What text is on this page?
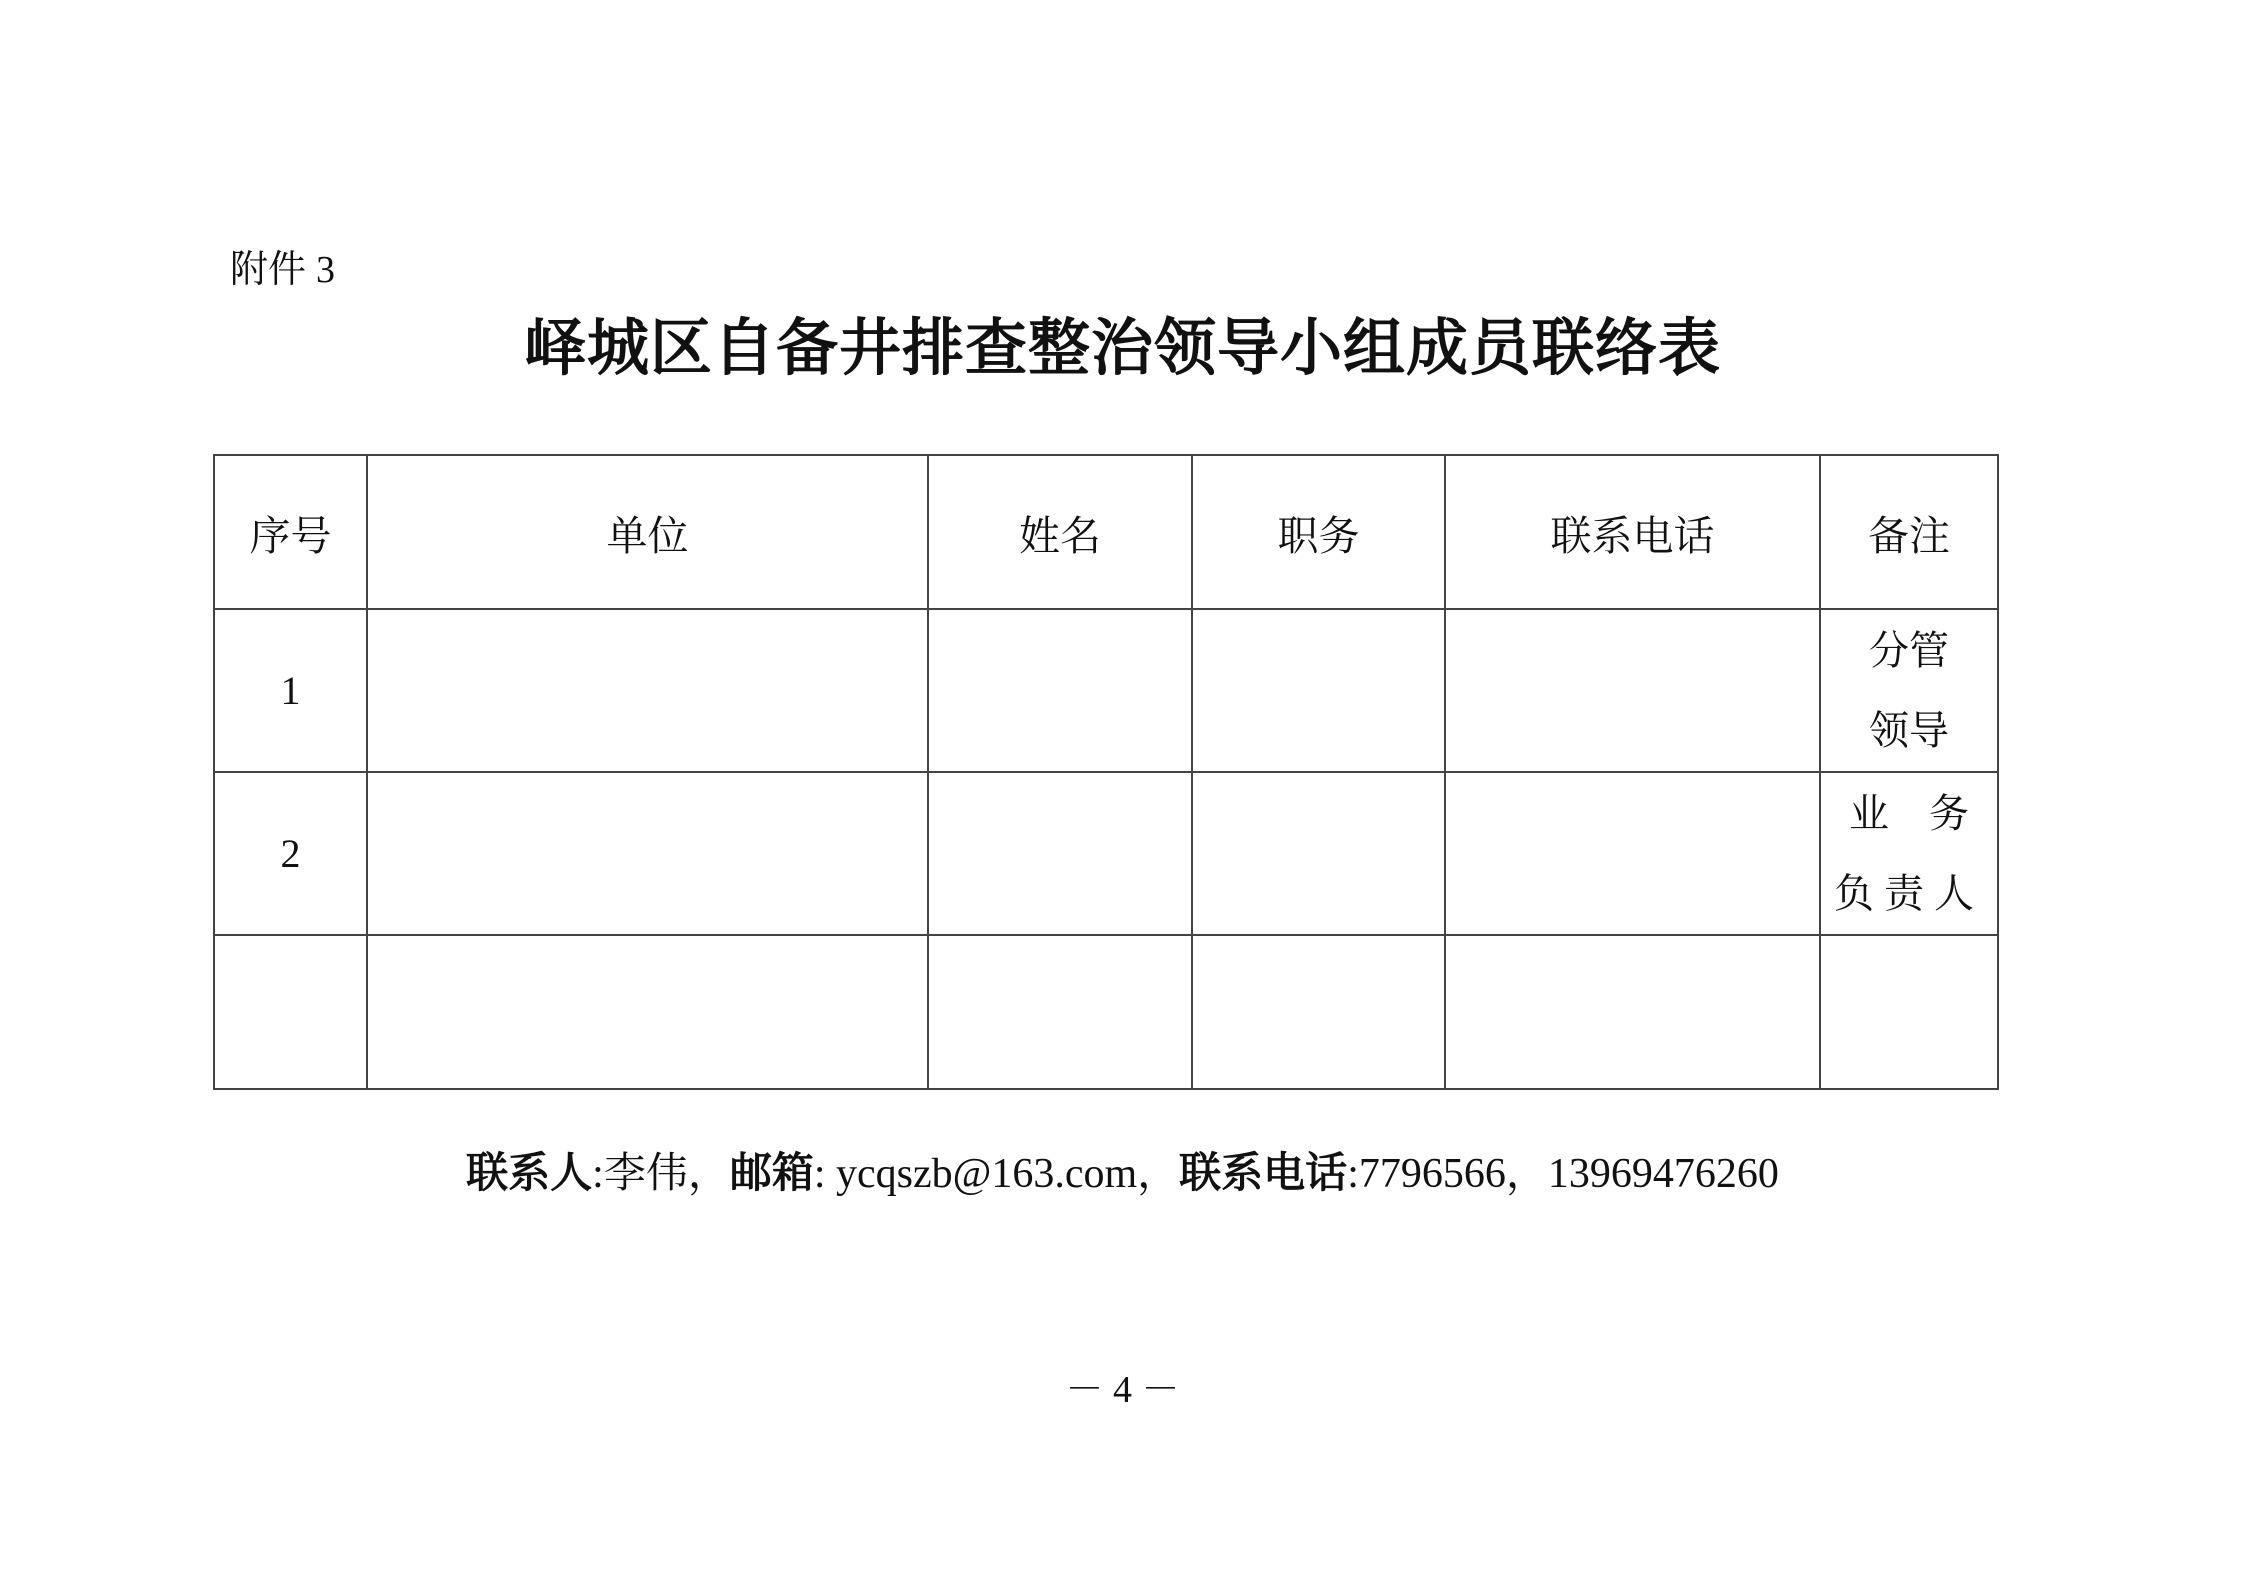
附件 3
峄城区自备井排查整治领导小组成员联络表
序号	单位	姓名	职务	联系电话	备注
1					分管
领导
2					业　务
负责人

联系人:李伟，邮箱: ycqszb@163.com，联系电话:7796566，13969476260
－ 4 －
